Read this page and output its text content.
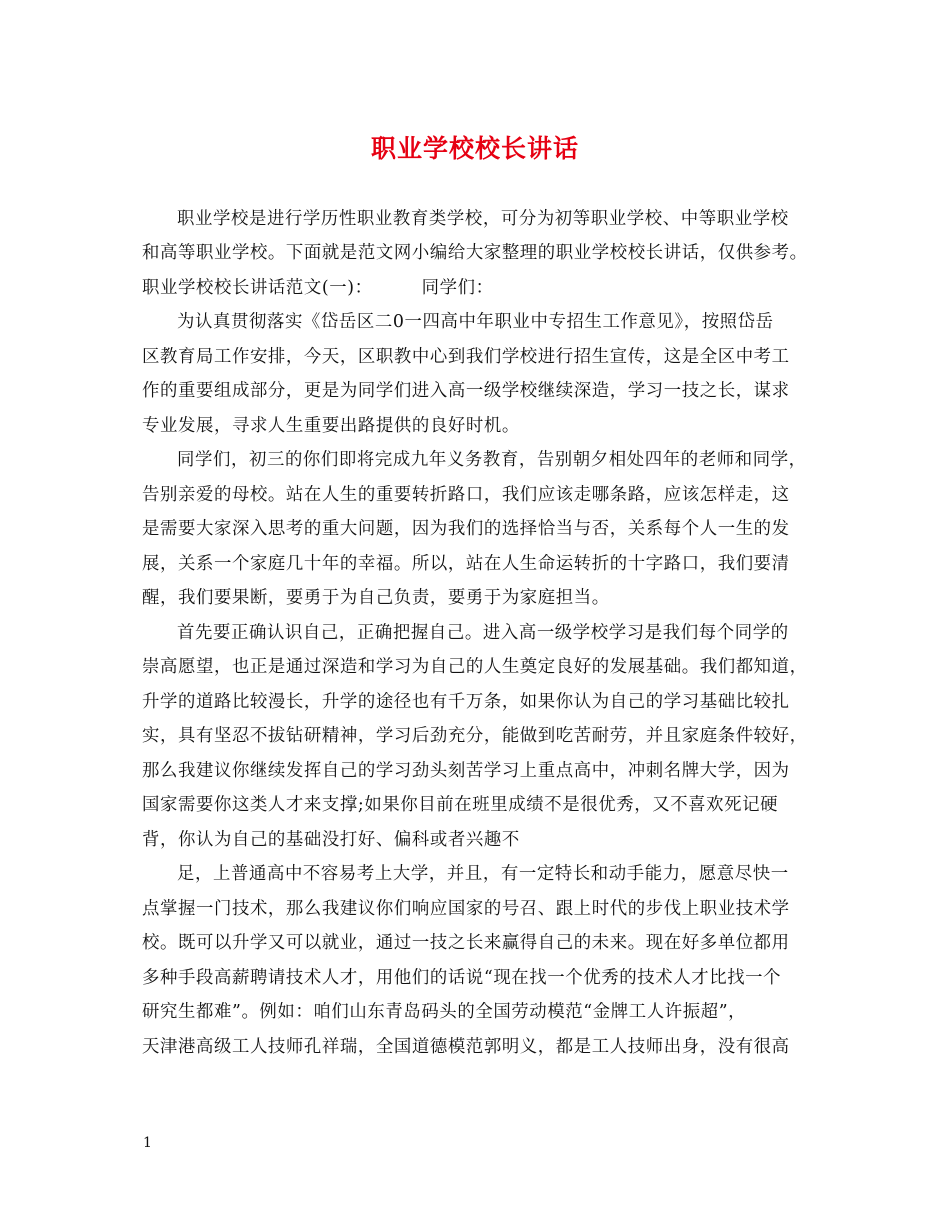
职业学校校长讲话
职业学校是进行学历性职业教育类学校，可分为初等职业学校、中等职业学校
和高等职业学校。下面就是范文网小编给大家整理的职业学校校长讲话，仅供参考。
职业学校校长讲话范文(一)：        同学们：
为认真贯彻落实《岱岳区二0一四高中年职业中专招生工作意见》，按照岱岳
区教育局工作安排，今天，区职教中心到我们学校进行招生宣传，这是全区中考工
作的重要组成部分，更是为同学们进入高一级学校继续深造，学习一技之长，谋求
专业发展，寻求人生重要出路提供的良好时机。
同学们，初三的你们即将完成九年义务教育，告别朝夕相处四年的老师和同学，
告别亲爱的母校。站在人生的重要转折路口，我们应该走哪条路，应该怎样走，这
是需要大家深入思考的重大问题，因为我们的选择恰当与否，关系每个人一生的发
展，关系一个家庭几十年的幸福。所以，站在人生命运转折的十字路口，我们要清
醒，我们要果断，要勇于为自己负责，要勇于为家庭担当。
首先要正确认识自己，正确把握自己。进入高一级学校学习是我们每个同学的
崇高愿望，也正是通过深造和学习为自己的人生奠定良好的发展基础。我们都知道，
升学的道路比较漫长，升学的途径也有千万条，如果你认为自己的学习基础比较扎
实，具有坚忍不拔钻研精神，学习后劲充分，能做到吃苦耐劳，并且家庭条件较好，
那么我建议你继续发挥自己的学习劲头刻苦学习上重点高中，冲刺名牌大学，因为
国家需要你这类人才来支撑;如果你目前在班里成绩不是很优秀，又不喜欢死记硬
背，你认为自己的基础没打好、偏科或者兴趣不
足，上普通高中不容易考上大学，并且，有一定特长和动手能力，愿意尽快一
点掌握一门技术，那么我建议你们响应国家的号召、跟上时代的步伐上职业技术学
校。既可以升学又可以就业，通过一技之长来赢得自己的未来。现在好多单位都用
多种手段高薪聘请技术人才，用他们的话说“现在找一个优秀的技术人才比找一个
研究生都难”。例如：咱们山东青岛码头的全国劳动模范“金牌工人许振超”，
天津港高级工人技师孔祥瑞，全国道德模范郭明义，都是工人技师出身，没有很高
1
